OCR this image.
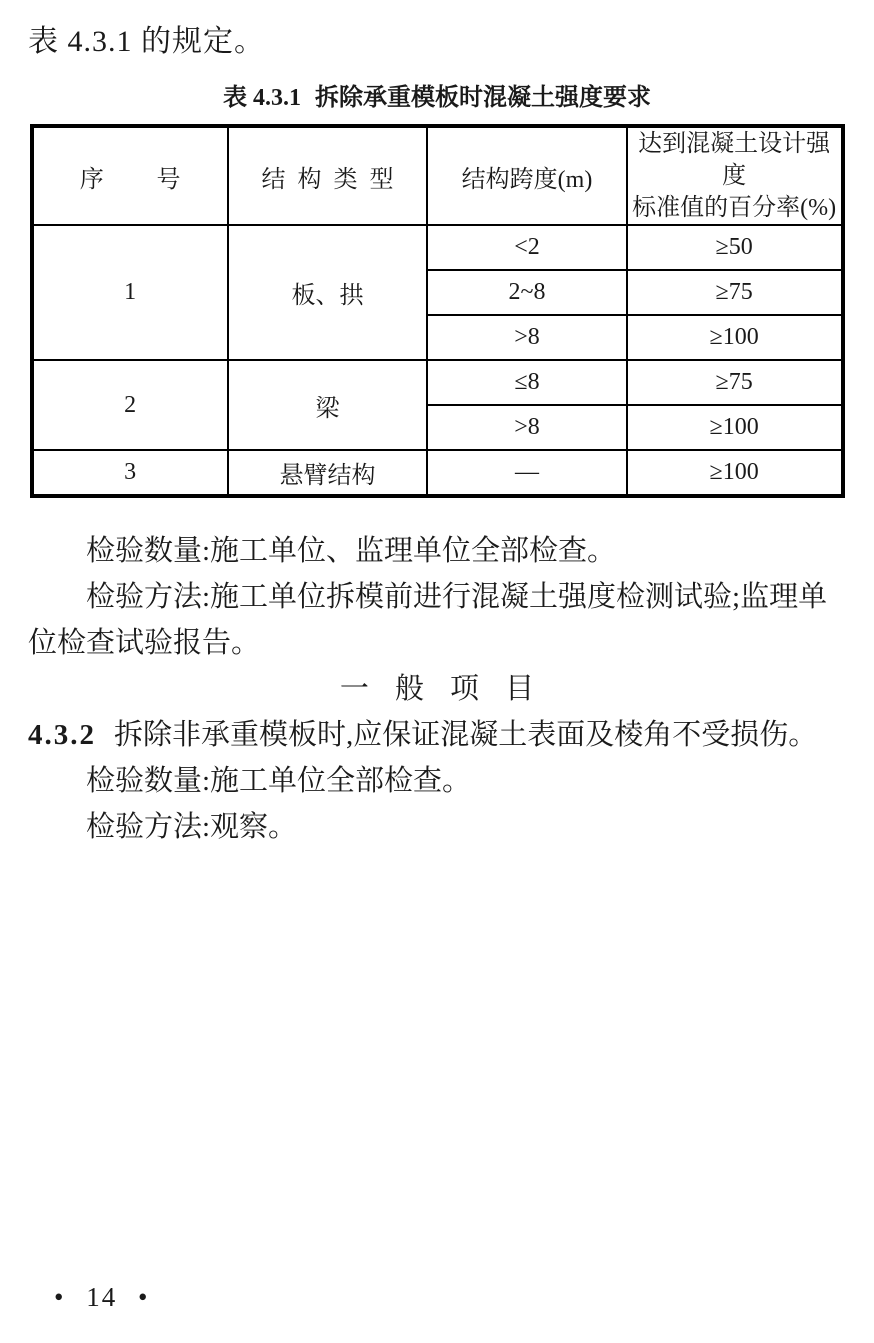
表 4.3.1 的规定。
表 4.3.1 拆除承重模板时混凝土强度要求
序号	结构类型	结构跨度(m)	达到混凝土设计强度
标准值的百分率(%)

1	板、拱	<2	≥50
		2~8	≥75
		>8	≥100
2	梁	≤8	≥75
		>8	≥100
3	悬臂结构	—	≥100
检验数量:施工单位、监理单位全部检查。
检验方法:施工单位拆模前进行混凝土强度检测试验;监理单
位检查试验报告。
一般项目
4.3.2 拆除非承重模板时,应保证混凝土表面及棱角不受损伤。
检验数量:施工单位全部检查。
检验方法:观察。
• 14 •
